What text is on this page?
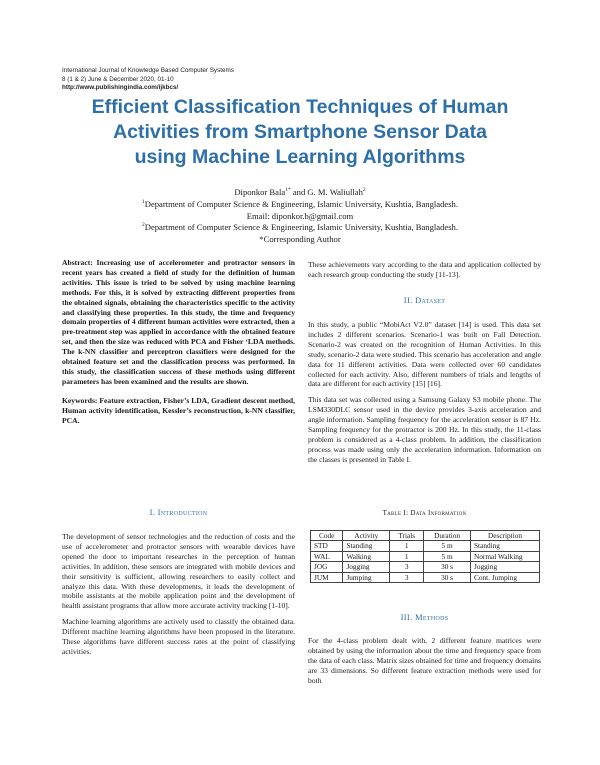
International Journal of Knowledge Based Computer Systems
8 (1 & 2) June & December 2020, 01-10
http://www.publishingindia.com/ijkbcs/
Efficient Classification Techniques of Human
Activities from Smartphone Sensor Data
using Machine Learning Algorithms
Diponkor Bala$^{1*}$ and G. M. Waliullah$^2$
$^1$Department of Computer Science & Engineering, Islamic University, Kushtia, Bangladesh.
Email: diponkor.b@gmail.com
$^2$Department of Computer Science & Engineering, Islamic University, Kushtia, Bangladesh.
*Corresponding Author

Abstract: Increasing use of accelerometer and protractor sensors in recent years has created a field of study for the definition of human activities. This issue is tried to be solved by using machine learning methods. For this, it is solved by extracting different properties from the obtained signals, obtaining the characteristics specific to the activity and classifying these properties. In this study, the time and frequency domain properties of 4 different human activities were extracted, then a pre-treatment step was applied in accordance with the obtained feature set, and then the size was reduced with PCA and Fisher ‘LDA methods. The k-NN classifier and perceptron classifiers were designed for the obtained feature set and the classification process was performed. In this study, the classification success of these methods using different parameters has been examined and the results are shown.

Keywords: Feature extraction, Fisher’s LDA, Gradient descent method, Human activity identification, Kessler’s reconstruction, k-NN classifier, PCA.

I. Introduction

The development of sensor technologies and the reduction of costs and the use of accelerometer and protractor sensors with wearable devices have opened the door to important researches in the perception of human activities. In addition, these sensors are integrated with mobile devices and their sensitivity is sufficient, allowing researchers to easily collect and analyze this data. With these developments, it leads the development of mobile assistants at the mobile application point and the development of health assistant programs that allow more accurate activity tracking [1-10].

Machine learning algorithms are actively used to classify the obtained data. Different machine learning algorithms have been proposed in the literature. These algorithms have different success rates at the point of classifying activities.

These achievements vary according to the data and application collected by each research group conducting the study [11-13].

II. Dataset

In this study, a public “MobiAct V2.0” dataset [14] is used. This data set includes 2 different scenarios. Scenario-1 was built on Fall Detection. Scenario-2 was created on the recognition of Human Activities. In this study, scenario-2 data were studied. This scenario has acceleration and angle data for 11 different activities. Data were collected over 60 candidates collected for each activity. Also, different numbers of trials and lengths of data are different for each activity [15] [16].

This data set was collected using a Samsung Galaxy S3 mobile phone. The LSM330DLC sensor used in the device provides 3-axis acceleration and angle information. Sampling frequency for the acceleration sensor is 87 Hz. Sampling frequency for the protractor is 200 Hz. In this study, the 11-class problem is considered as a 4-class problem. In addition, the classification process was made using only the acceleration information. Information on the classes is presented in Table I.

Table I: Data Information

Code	Activity	Trials	Duration	Description
STD	Standing	1	5 m	Standing
WAL	Walking	1	5 m	Normal Walking
JOG	Jogging	3	30 s	Jogging
JUM	Jumping	3	30 s	Cont. Jumping

III. Methods

For the 4-class problem dealt with, 2 different feature matrices were obtained by using the information about the time and frequency space from the data of each class. Matrix sizes obtained for time and frequency domains are 33 dimensions. So different feature extraction methods were used for both
